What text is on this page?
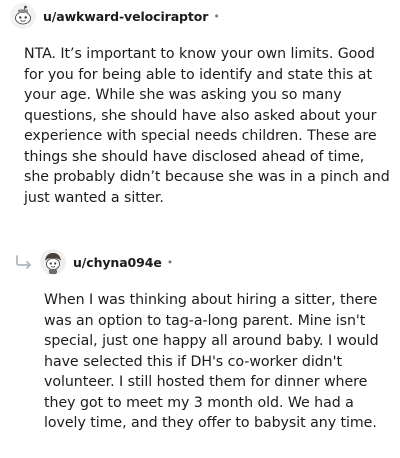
u/awkward-velociraptor •

NTA. It’s important to know your own limits. Good for you for being able to identify and state this at your age. While she was asking you so many questions, she should have also asked about your experience with special needs children. These are things she should have disclosed ahead of time, she probably didn’t because she was in a pinch and just wanted a sitter.

u/chyna094e •

When I was thinking about hiring a sitter, there was an option to tag-a-long parent. Mine isn't special, just one happy all around baby. I would have selected this if DH's co-worker didn't volunteer. I still hosted them for dinner where they got to meet my 3 month old. We had a lovely time, and they offer to babysit any time.
